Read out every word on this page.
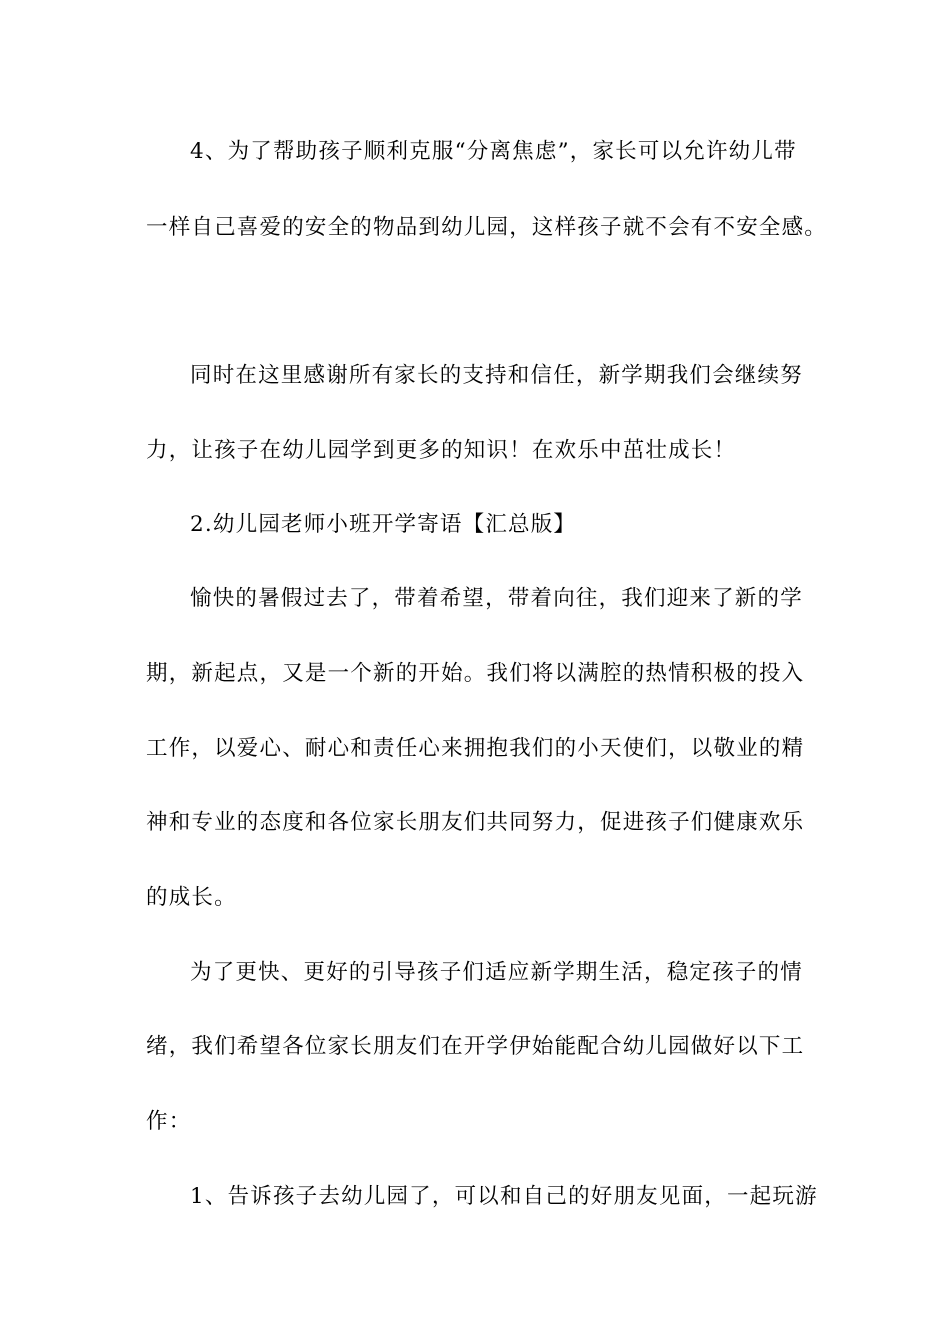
4、为了帮助孩子顺利克服“分离焦虑”，家长可以允许幼儿带
一样自己喜爱的安全的物品到幼儿园，这样孩子就不会有不安全感。
同时在这里感谢所有家长的支持和信任，新学期我们会继续努
力，让孩子在幼儿园学到更多的知识！在欢乐中茁壮成长！
2.幼儿园老师小班开学寄语【汇总版】
愉快的暑假过去了，带着希望，带着向往，我们迎来了新的学
期，新起点，又是一个新的开始。我们将以满腔的热情积极的投入
工作，以爱心、耐心和责任心来拥抱我们的小天使们，以敬业的精
神和专业的态度和各位家长朋友们共同努力，促进孩子们健康欢乐
的成长。
为了更快、更好的引导孩子们适应新学期生活，稳定孩子的情
绪，我们希望各位家长朋友们在开学伊始能配合幼儿园做好以下工
作：
1、告诉孩子去幼儿园了，可以和自己的好朋友见面，一起玩游
